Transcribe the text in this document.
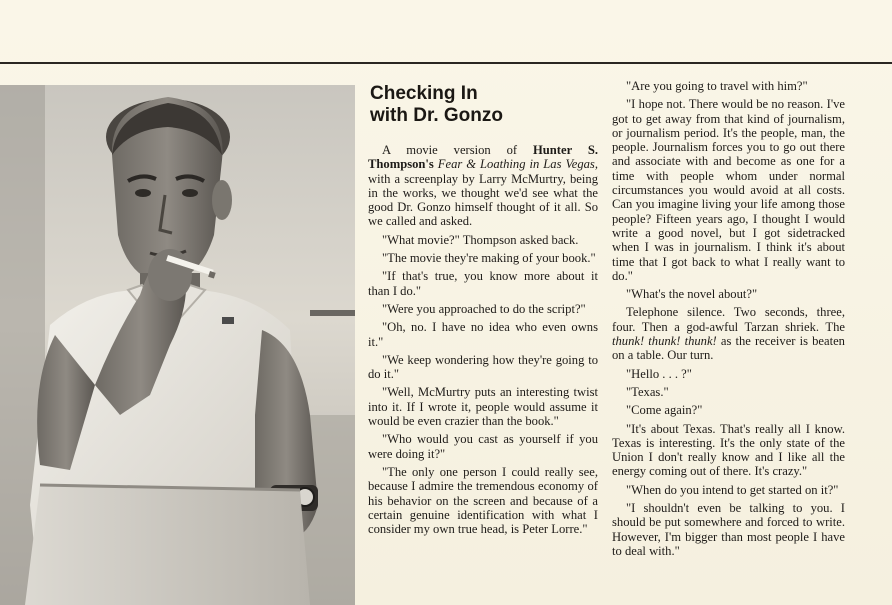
Checking In
with Dr. Gonzo

A movie version of Hunter S. Thompson's Fear & Loathing in Las Vegas, with a screenplay by Larry McMurtry, being in the works, we thought we'd see what the good Dr. Gonzo himself thought of it all. So we called and asked.

"What movie?" Thompson asked back.

"The movie they're making of your book."

"If that's true, you know more about it than I do."

"Were you approached to do the script?"

"Oh, no. I have no idea who even owns it."

"We keep wondering how they're going to do it."

"Well, McMurtry puts an interesting twist into it. If I wrote it, people would assume it would be even crazier than the book."

"Who would you cast as yourself if you were doing it?"

"The only one person I could really see, because I admire the tremendous economy of his behavior on the screen and because of a certain genuine identification with what I consider my own true head, is Peter Lorre."

"Are you going to travel with him?"

"I hope not. There would be no reason. I've got to get away from that kind of journalism, or journalism period. It's the people, man, the people. Journalism forces you to go out there and associate with and become as one for a time with people whom under normal circumstances you would avoid at all costs. Can you imagine living your life among those people? Fifteen years ago, I thought I would write a good novel, but I got sidetracked when I was in journalism. I think it's about time that I got back to what I really want to do."

"What's the novel about?"

Telephone silence. Two seconds, three, four. Then a god-awful Tarzan shriek. The thunk! thunk! thunk! as the receiver is beaten on a table. Our turn.

"Hello . . . ?"

"Texas."

"Come again?"

"It's about Texas. That's really all I know. Texas is interesting. It's the only state of the Union I don't really know and I like all the energy coming out of there. It's crazy."

"When do you intend to get started on it?"

"I shouldn't even be talking to you. I should be put somewhere and forced to write. However, I'm bigger than most people I have to deal with."
